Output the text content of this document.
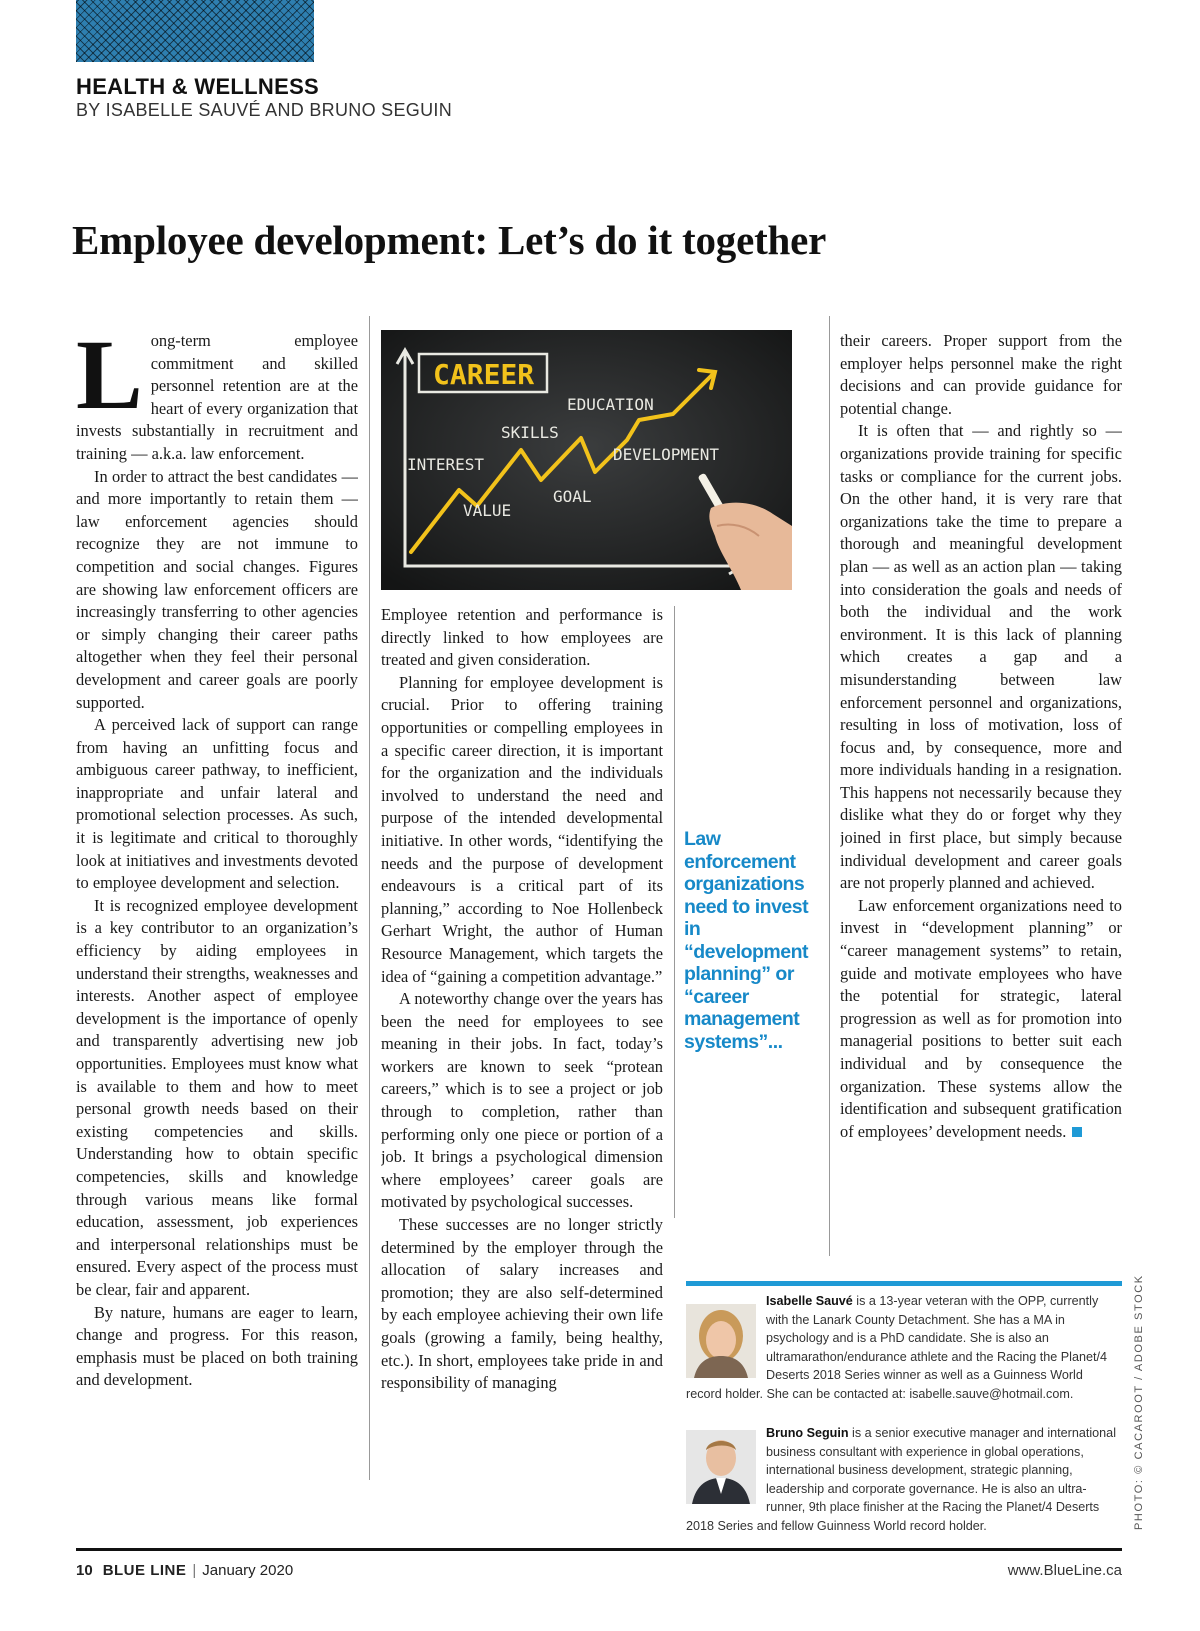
HEALTH & WELLNESS
BY ISABELLE SAUVÉ AND BRUNO SEGUIN
Employee development: Let’s do it together

Long-term employee commitment and skilled personnel retention are at the heart of every organization that invests substantially in recruitment and training — a.k.a. law enforcement.

In order to attract the best candidates — and more importantly to retain them — law enforcement agencies should recognize they are not immune to competition and social changes. Figures are showing law enforcement officers are increasingly transferring to other agencies or simply changing their career paths altogether when they feel their personal development and career goals are poorly supported.

A perceived lack of support can range from having an unfitting focus and ambiguous career pathway, to inefficient, inappropriate and unfair lateral and promotional selection processes. As such, it is legitimate and critical to thoroughly look at initiatives and investments devoted to employee development and selection.

It is recognized employee development is a key contributor to an organization’s efficiency by aiding employees in understand their strengths, weaknesses and interests. Another aspect of employee development is the importance of openly and transparently advertising new job opportunities. Employees must know what is available to them and how to meet personal growth needs based on their existing competencies and skills. Understanding how to obtain specific competencies, skills and knowledge through various means like formal education, assessment, job experiences and interpersonal relationships must be ensured. Every aspect of the process must be clear, fair and apparent.

By nature, humans are eager to learn, change and progress. For this reason, emphasis must be placed on both training and development.

CAREER
INTEREST
SKILLS
EDUCATION
DEVELOPMENT
GOAL
VALUE

Employee retention and performance is directly linked to how employees are treated and given consideration.

Planning for employee development is crucial. Prior to offering training opportunities or compelling employees in a specific career direction, it is important for the organization and the individuals involved to understand the need and purpose of the intended developmental initiative. In other words, “identifying the needs and the purpose of development endeavours is a critical part of its planning,” according to Noe Hollenbeck Gerhart Wright, the author of Human Resource Management, which targets the idea of “gaining a competition advantage.”

A noteworthy change over the years has been the need for employees to see meaning in their jobs. In fact, today’s workers are known to seek “protean careers,” which is to see a project or job through to completion, rather than performing only one piece or portion of a job. It brings a psychological dimension where employees’ career goals are motivated by psychological successes.

These successes are no longer strictly determined by the employer through the allocation of salary increases and promotion; they are also self-determined by each employee achieving their own life goals (growing a family, being healthy, etc.). In short, employees take pride in and responsibility of managing

Law enforcement organizations need to invest in “development planning” or “career management systems”...

their careers. Proper support from the employer helps personnel make the right decisions and can provide guidance for potential change.

It is often that — and rightly so — organizations provide training for specific tasks or compliance for the current jobs. On the other hand, it is very rare that organizations take the time to prepare a thorough and meaningful development plan — as well as an action plan — taking into consideration the goals and needs of both the individual and the work environment. It is this lack of planning which creates a gap and a misunderstanding between law enforcement personnel and organizations, resulting in loss of motivation, loss of focus and, by consequence, more and more individuals handing in a resignation. This happens not necessarily because they dislike what they do or forget why they joined in first place, but simply because individual development and career goals are not properly planned and achieved.

Law enforcement organizations need to invest in “development planning” or “career management systems” to retain, guide and motivate employees who have the potential for strategic, lateral progression as well as for promotion into managerial positions to better suit each individual and by consequence the organization. These systems allow the identification and subsequent gratification of employees’ development needs.

Isabelle Sauvé is a 13-year veteran with the OPP, currently with the Lanark County Detachment. She has a MA in psychology and is a PhD candidate. She is also an ultramarathon/endurance athlete and the Racing the Planet/4 Deserts 2018 Series winner as well as a Guinness World record holder. She can be contacted at: isabelle.sauve@hotmail.com.
Bruno Seguin is a senior executive manager and international business consultant with experience in global operations, international business development, strategic planning, leadership and corporate governance. He is also an ultra-runner, 9th place finisher at the Racing the Planet/4 Deserts 2018 Series and fellow Guinness World record holder.	PHOTO: © CACAROOT / ADOBE STOCK
10 BLUE LINE | January 2020	www.BlueLine.ca
